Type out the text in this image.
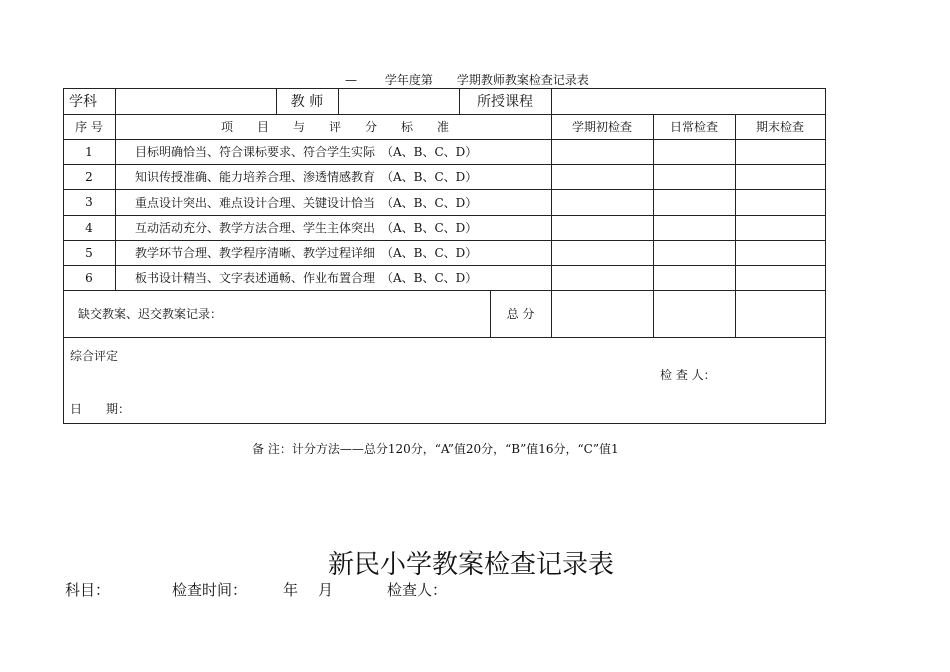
—　　 学年度第　　学期教师教案检查记录表
学科	教 师	所授课程
序 号	项　　目　　与　　评　　分　　标　　准	学期初检查	日常检查	期末检查
1	目标明确恰当、符合课标要求、符合学生实际　（A、B、C、D）
2	知识传授准确、能力培养合理、渗透情感教育　（A、B、C、D）
3	重点设计突出、难点设计合理、关键设计恰当　（A、B、C、D）
4	互动活动充分、教学方法合理、学生主体突出　（A、B、C、D）
5	教学环节合理、教学程序清晰、教学过程详细　（A、B、C、D）
6	板书设计精当、文字表述通畅、作业布置合理　（A、B、C、D）
缺交教案、迟交教案记录：	总 分
综合评定
检 查 人：
日　　期：
备 注：计分方法——总分120分，“A”值20分，“B”值16分，“C”值1
新民小学教案检查记录表
科目：	检查时间： 年 月	检查人：
